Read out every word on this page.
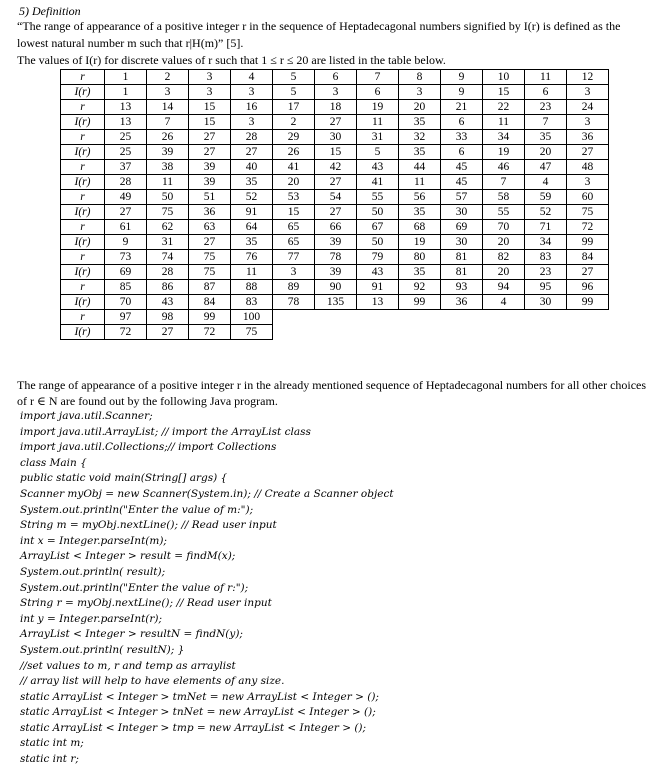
5) Definition
“The range of appearance of a positive integer r in the sequence of Heptadecagonal numbers signified by I(r) is defined as the
lowest natural number m such that r|H(m)” [5].
The values of I(r) for discrete values of r such that 1 ≤ r ≤ 20 are listed in the table below.
r	1	2	3	4	5	6	7	8	9	10	11	12
I(r)	1	3	3	3	5	3	6	3	9	15	6	3
r	13	14	15	16	17	18	19	20	21	22	23	24
I(r)	13	7	15	3	2	27	11	35	6	11	7	3
r	25	26	27	28	29	30	31	32	33	34	35	36
I(r)	25	39	27	27	26	15	5	35	6	19	20	27
r	37	38	39	40	41	42	43	44	45	46	47	48
I(r)	28	11	39	35	20	27	41	11	45	7	4	3
r	49	50	51	52	53	54	55	56	57	58	59	60
I(r)	27	75	36	91	15	27	50	35	30	55	52	75
r	61	62	63	64	65	66	67	68	69	70	71	72
I(r)	9	31	27	35	65	39	50	19	30	20	34	99
r	73	74	75	76	77	78	79	80	81	82	83	84
I(r)	69	28	75	11	3	39	43	35	81	20	23	27
r	85	86	87	88	89	90	91	92	93	94	95	96
I(r)	70	43	84	83	78	135	13	99	36	4	30	99
r	97	98	99	100								
I(r)	72	27	72	75								
The range of appearance of a positive integer r in the already mentioned sequence of Heptadecagonal numbers for all other choices
of r ∈ N are found out by the following Java program.
import java.util.Scanner;
import java.util.ArrayList; // import the ArrayList class
import java.util.Collections;// import Collections
class Main {
public static void main(String[] args) {
Scanner myObj = new Scanner(System.in); // Create a Scanner object
System.out.println("Enter the value of m:");
String m = myObj.nextLine(); // Read user input
int x = Integer.parseInt(m);
ArrayList < Integer > result = findM(x);
System.out.println( result);
System.out.println("Enter the value of r:");
String r = myObj.nextLine(); // Read user input
int y = Integer.parseInt(r);
ArrayList < Integer > resultN = findN(y);
System.out.println( resultN); }
//set values to m, r and temp as arraylist
// array list will help to have elements of any size.
static ArrayList < Integer > tmNet = new ArrayList < Integer > ();
static ArrayList < Integer > tnNet = new ArrayList < Integer > ();
static ArrayList < Integer > tmp = new ArrayList < Integer > ();
static int m;
static int r;
